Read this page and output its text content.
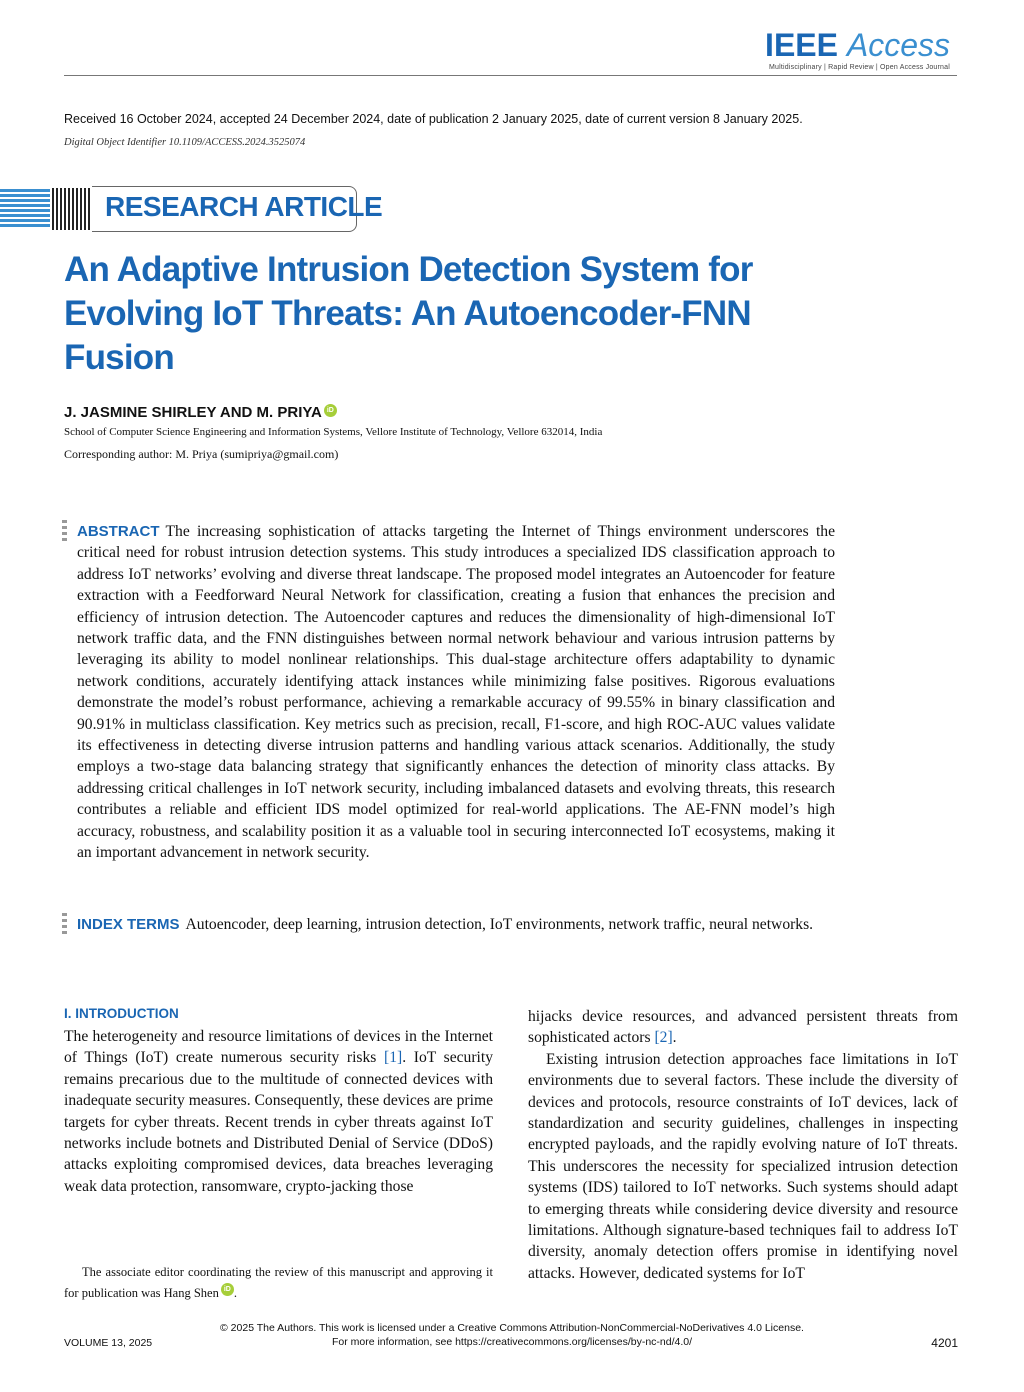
IEEE Access
Multidisciplinary | Rapid Review | Open Access Journal
Received 16 October 2024, accepted 24 December 2024, date of publication 2 January 2025, date of current version 8 January 2025.
Digital Object Identifier 10.1109/ACCESS.2024.3525074
RESEARCH ARTICLE
An Adaptive Intrusion Detection System for Evolving IoT Threats: An Autoencoder-FNN Fusion
J. JASMINE SHIRLEY AND M. PRIYA iD
School of Computer Science Engineering and Information Systems, Vellore Institute of Technology, Vellore 632014, India
Corresponding author: M. Priya (sumipriya@gmail.com)

ABSTRACT The increasing sophistication of attacks targeting the Internet of Things environment underscores the critical need for robust intrusion detection systems. This study introduces a specialized IDS classification approach to address IoT networks’ evolving and diverse threat landscape. The proposed model integrates an Autoencoder for feature extraction with a Feedforward Neural Network for classification, creating a fusion that enhances the precision and efficiency of intrusion detection. The Autoencoder captures and reduces the dimensionality of high-dimensional IoT network traffic data, and the FNN distinguishes between normal network behaviour and various intrusion patterns by leveraging its ability to model nonlinear relationships. This dual-stage architecture offers adaptability to dynamic network conditions, accurately identifying attack instances while minimizing false positives. Rigorous evaluations demonstrate the model’s robust performance, achieving a remarkable accuracy of 99.55% in binary classification and 90.91% in multiclass classification. Key metrics such as precision, recall, F1-score, and high ROC-AUC values validate its effectiveness in detecting diverse intrusion patterns and handling various attack scenarios. Additionally, the study employs a two-stage data balancing strategy that significantly enhances the detection of minority class attacks. By addressing critical challenges in IoT network security, including imbalanced datasets and evolving threats, this research contributes a reliable and efficient IDS model optimized for real-world applications. The AE-FNN model’s high accuracy, robustness, and scalability position it as a valuable tool in securing interconnected IoT ecosystems, making it an important advancement in network security.

INDEX TERMS Autoencoder, deep learning, intrusion detection, IoT environments, network traffic, neural networks.

I. INTRODUCTION

The heterogeneity and resource limitations of devices in the Internet of Things (IoT) create numerous security risks [1]. IoT security remains precarious due to the multitude of connected devices with inadequate security measures. Consequently, these devices are prime targets for cyber threats. Recent trends in cyber threats against IoT networks include botnets and Distributed Denial of Service (DDoS) attacks exploiting compromised devices, data breaches leveraging weak data protection, ransomware, crypto-jacking those

hijacks device resources, and advanced persistent threats from sophisticated actors [2].

Existing intrusion detection approaches face limitations in IoT environments due to several factors. These include the diversity of devices and protocols, resource constraints of IoT devices, lack of standardization and security guidelines, challenges in inspecting encrypted payloads, and the rapidly evolving nature of IoT threats. This underscores the necessity for specialized intrusion detection systems (IDS) tailored to IoT networks. Such systems should adapt to emerging threats while considering device diversity and resource limitations. Although signature-based techniques fail to address IoT diversity, anomaly detection offers promise in identifying novel attacks. However, dedicated systems for IoT

The associate editor coordinating the review of this manuscript and approving it for publication was Hang Shen iD .

© 2025 The Authors. This work is licensed under a Creative Commons Attribution-NonCommercial-NoDerivatives 4.0 License.
For more information, see https://creativecommons.org/licenses/by-nc-nd/4.0/
VOLUME 13, 2025	4201
